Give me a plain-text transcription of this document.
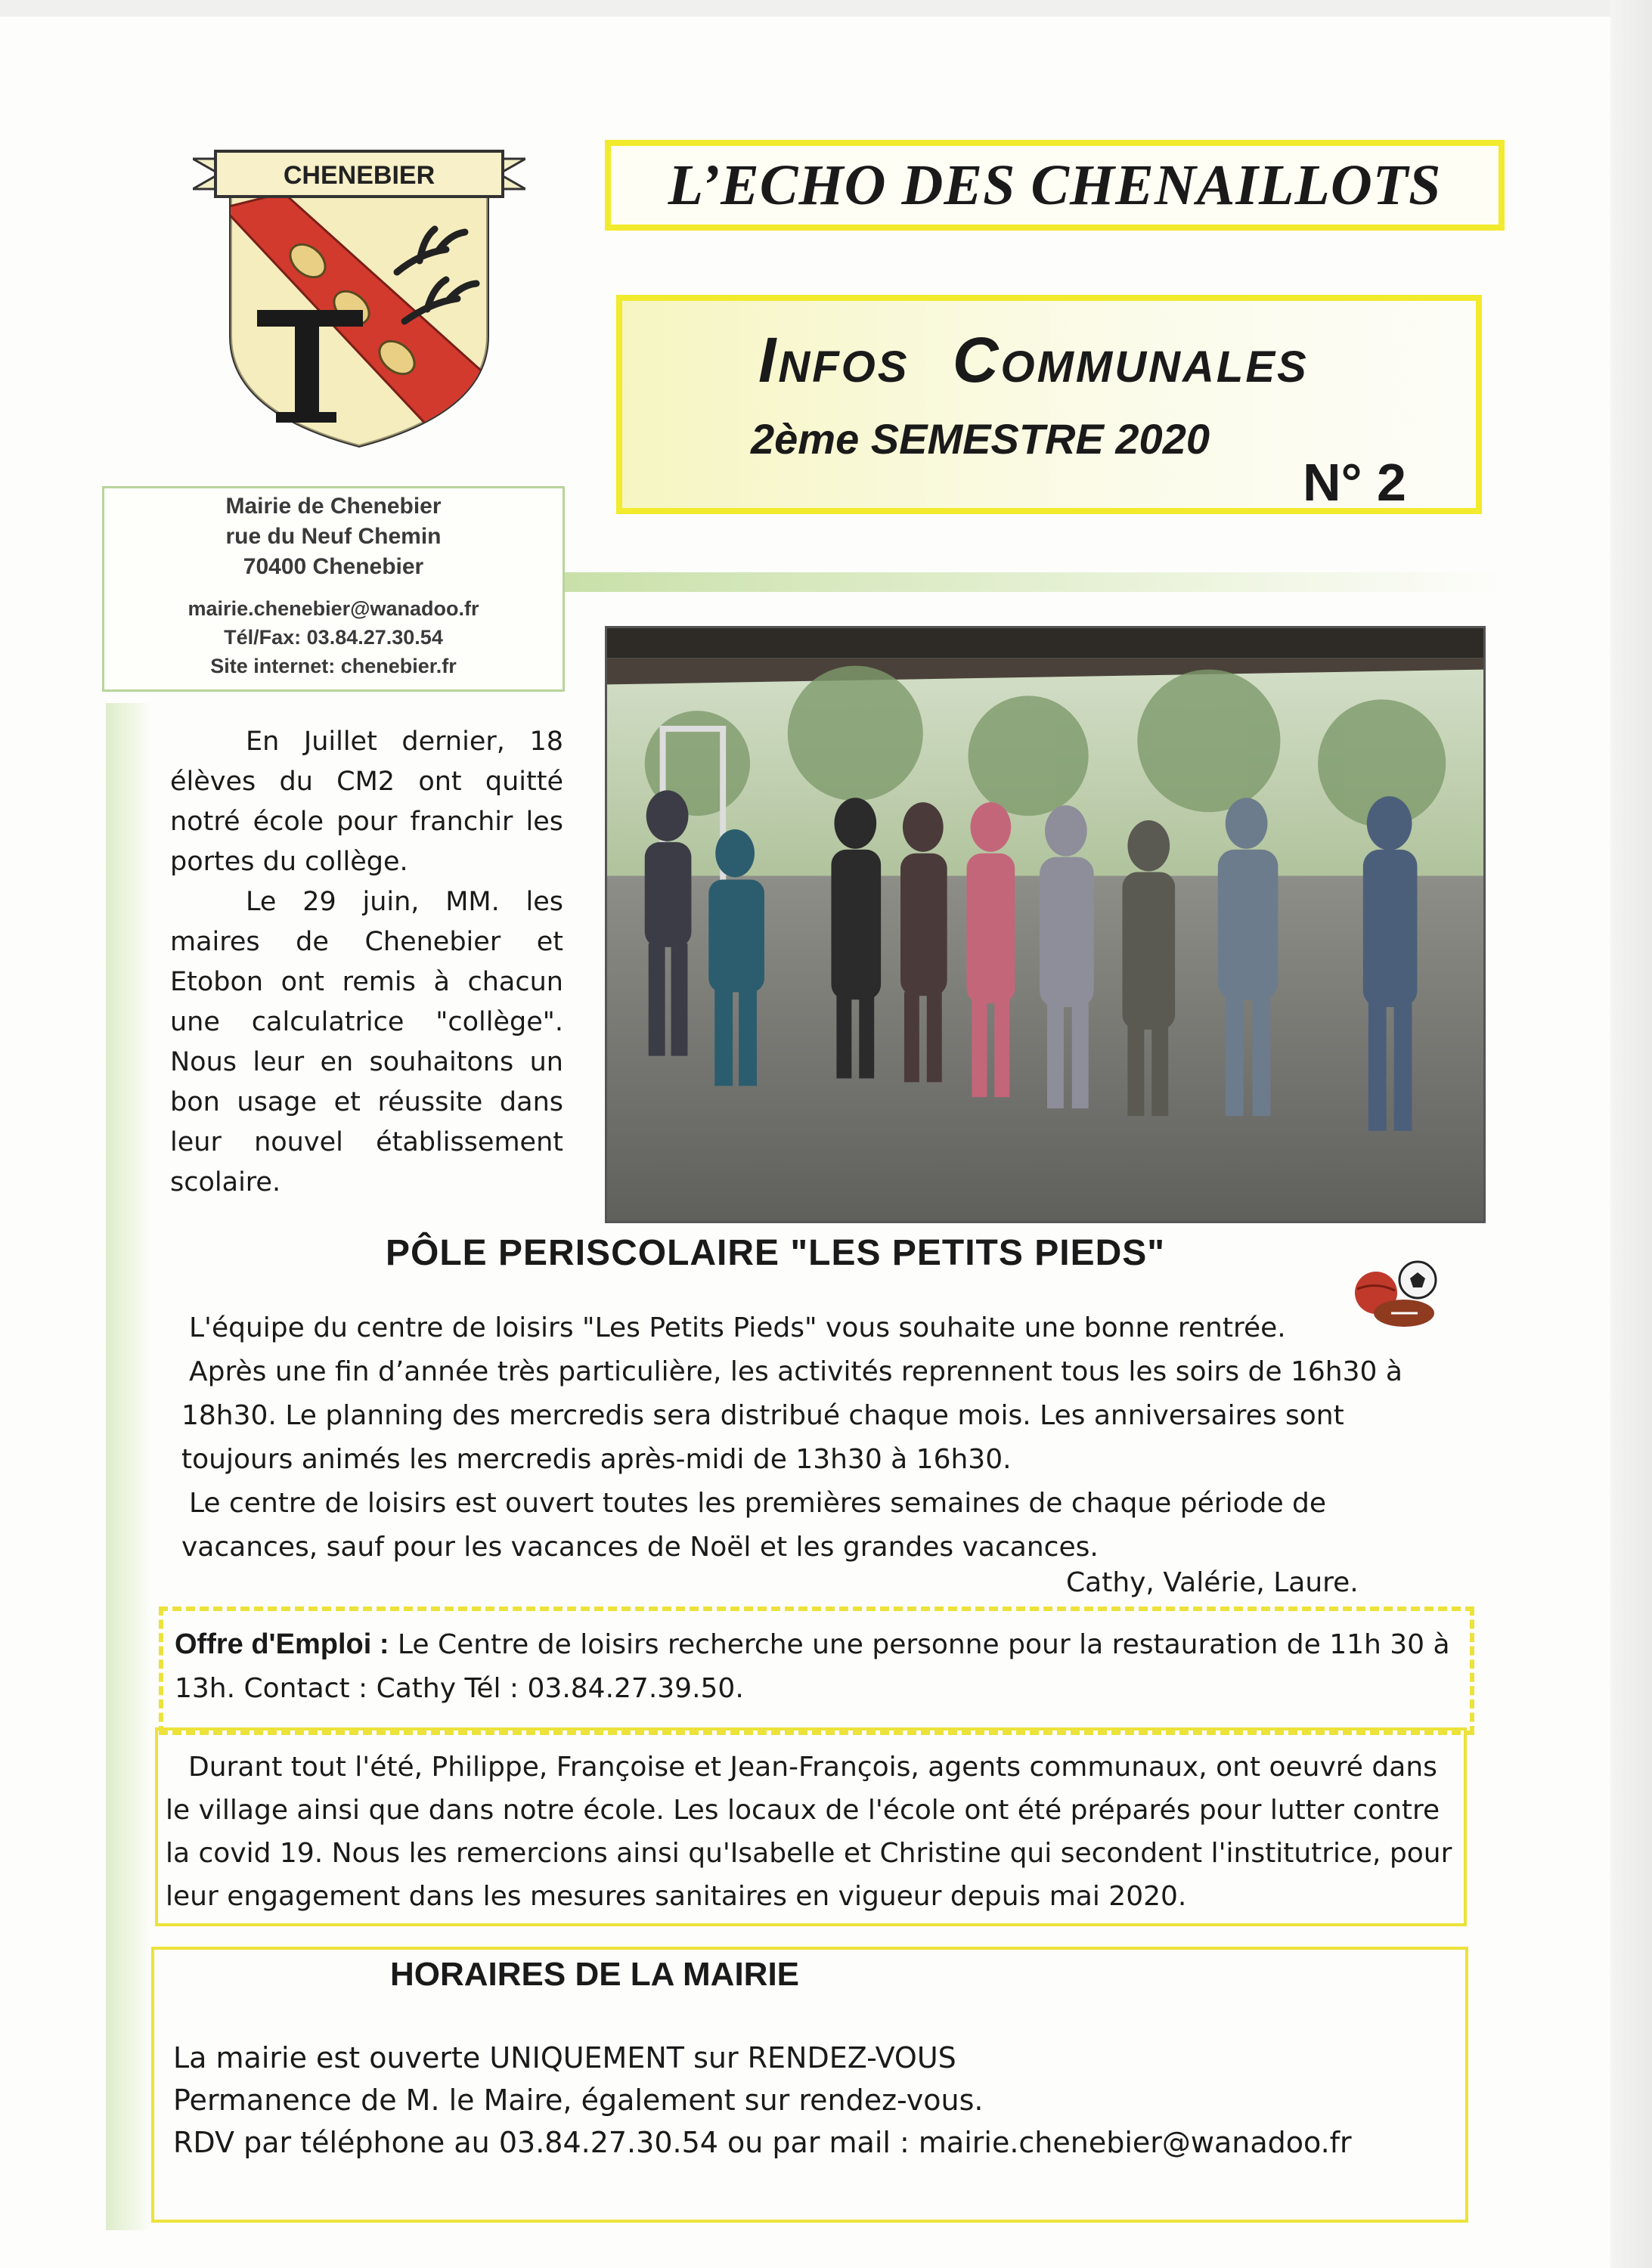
CHENEBIER	L’ECHO DES CHENAILLOTS
INFOS COMMUNALES
2ème SEMESTRE 2020
N° 2
Mairie de Chenebier
rue du Neuf Chemin
70400 Chenebier
mairie.chenebier@wanadoo.fr
Tél/Fax: 03.84.27.30.54
Site internet: chenebier.fr

En Juillet dernier, 18 élèves du CM2 ont quitté notré école pour franchir les portes du collège.

Le 29 juin, MM. les maires de Chenebier et Etobon ont remis à chacun une calculatrice "collège". Nous leur en souhaitons un bon usage et réussite dans leur nouvel établissement scolaire.

PÔLE PERISCOLAIRE "LES PETITS PIEDS"

L'équipe du centre de loisirs "Les Petits Pieds" vous souhaite une bonne rentrée.

Après une fin d’année très particulière, les activités reprennent tous les soirs de 16h30 à 18h30. Le planning des mercredis sera distribué chaque mois. Les anniversaires sont toujours animés les mercredis après-midi de 13h30 à 16h30.

Le centre de loisirs est ouvert toutes les premières semaines de chaque période de vacances, sauf pour les vacances de Noël et les grandes vacances.

Cathy, Valérie, Laure.
Offre d'Emploi : Le Centre de loisirs recherche une personne pour la restauration de 11h 30 à 13h. Contact : Cathy Tél : 03.84.27.39.50.
Durant tout l'été, Philippe, Françoise et Jean-François, agents communaux, ont oeuvré dans le village ainsi que dans notre école. Les locaux de l'école ont été préparés pour lutter contre la covid 19. Nous les remercions ainsi qu'Isabelle et Christine qui secondent l'institutrice, pour leur engagement dans les mesures sanitaires en vigueur depuis mai 2020.
HORAIRES DE LA MAIRIE
La mairie est ouverte UNIQUEMENT sur RENDEZ-VOUS
Permanence de M. le Maire, également sur rendez-vous.
RDV par téléphone au 03.84.27.30.54 ou par mail : mairie.chenebier@wanadoo.fr
